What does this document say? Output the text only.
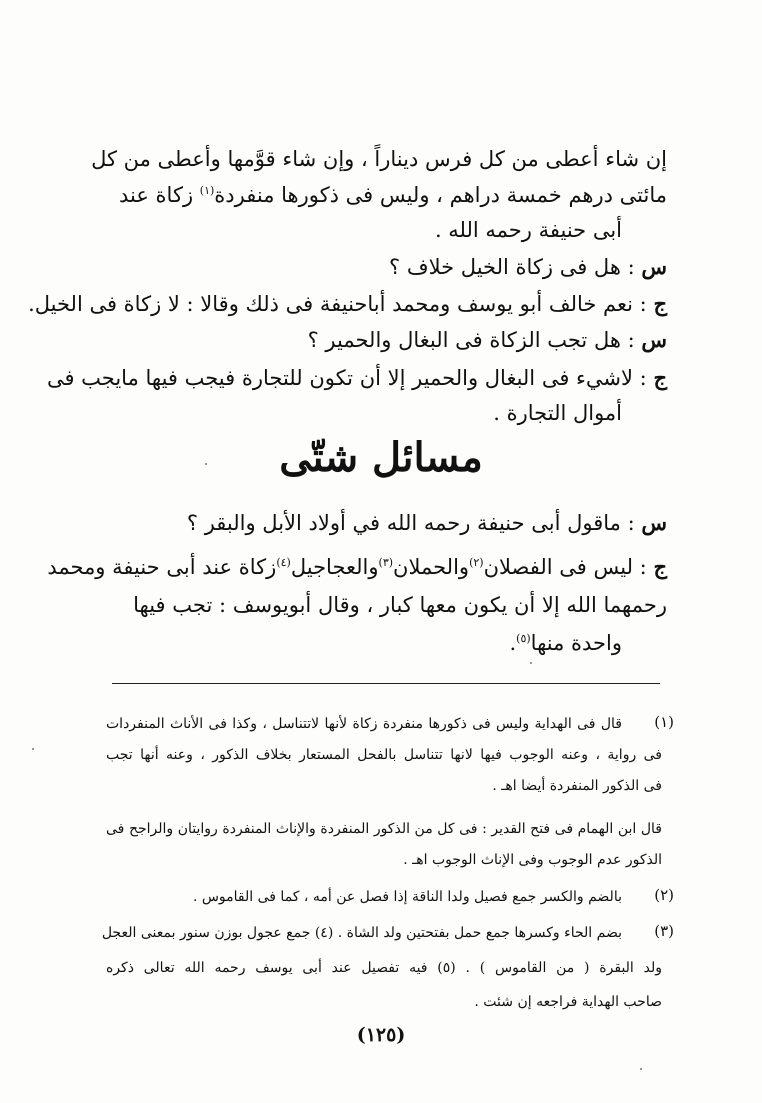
إن شاء أعطى من كل فرس ديناراً ، وإن شاء قوَّمها وأعطى من كل
مائتى درهم خمسة دراهم ، وليس فى ذكورها منفردة$^{(١)}$ زكاة عند
أبى حنيفة رحمه الله .
س : هل فى زكاة الخيل خلاف ؟
ج : نعم خالف أبو يوسف ومحمد أباحنيفة فى ذلك وقالا : لا زكاة فى الخيل.
س : هل تجب الزكاة فى البغال والحمير ؟
ج : لاشيء فى البغال والحمير إلا أن تكون للتجارة فيجب فيها مايجب فى
أموال التجارة .
مسائل شتّى
س : ماقول أبى حنيفة رحمه الله في أولاد الأبل والبقر ؟
ج : ليس فى الفصلان$^{(٢)}$والحملان$^{(٣)}$والعجاجيل$^{(٤)}$زكاة عند أبى حنيفة ومحمد
رحمهما الله إلا أن يكون معها كبار ، وقال أبويوسف : تجب فيها
واحدة منها$^{(٥)}$.
(١)
قال فى الهداية وليس فى ذكورها منفردة زكاة لأنها لاتتناسل ، وكذا فى الأناث المنفردات
فى رواية ، وعنه الوجوب فيها لانها تتناسل بالفحل المستعار بخلاف الذكور ، وعنه أنها تجب
فى الذكور المنفردة أيضا اهـ .
قال ابن الهمام فى فتح القدير : فى كل من الذكور المنفردة والإناث المنفردة روايتان والراجح فى
الذكور عدم الوجوب وفى الإناث الوجوب اهـ .
(٢)
بالضم والكسر جمع فصيل ولدا الناقة إذا فصل عن أمه ، كما فى القاموس .
(٣)
بضم الحاء وكسرها جمع حمل بفتحتين ولد الشاة . (٤) جمع عجول بوزن سنور بمعنى العجل
ولد البقرة ( من القاموس ) . (٥) فيه تفصيل عند أبى يوسف رحمه الله تعالى ذكره
صاحب الهداية فراجعه إن شئت .
(١٢٥)
